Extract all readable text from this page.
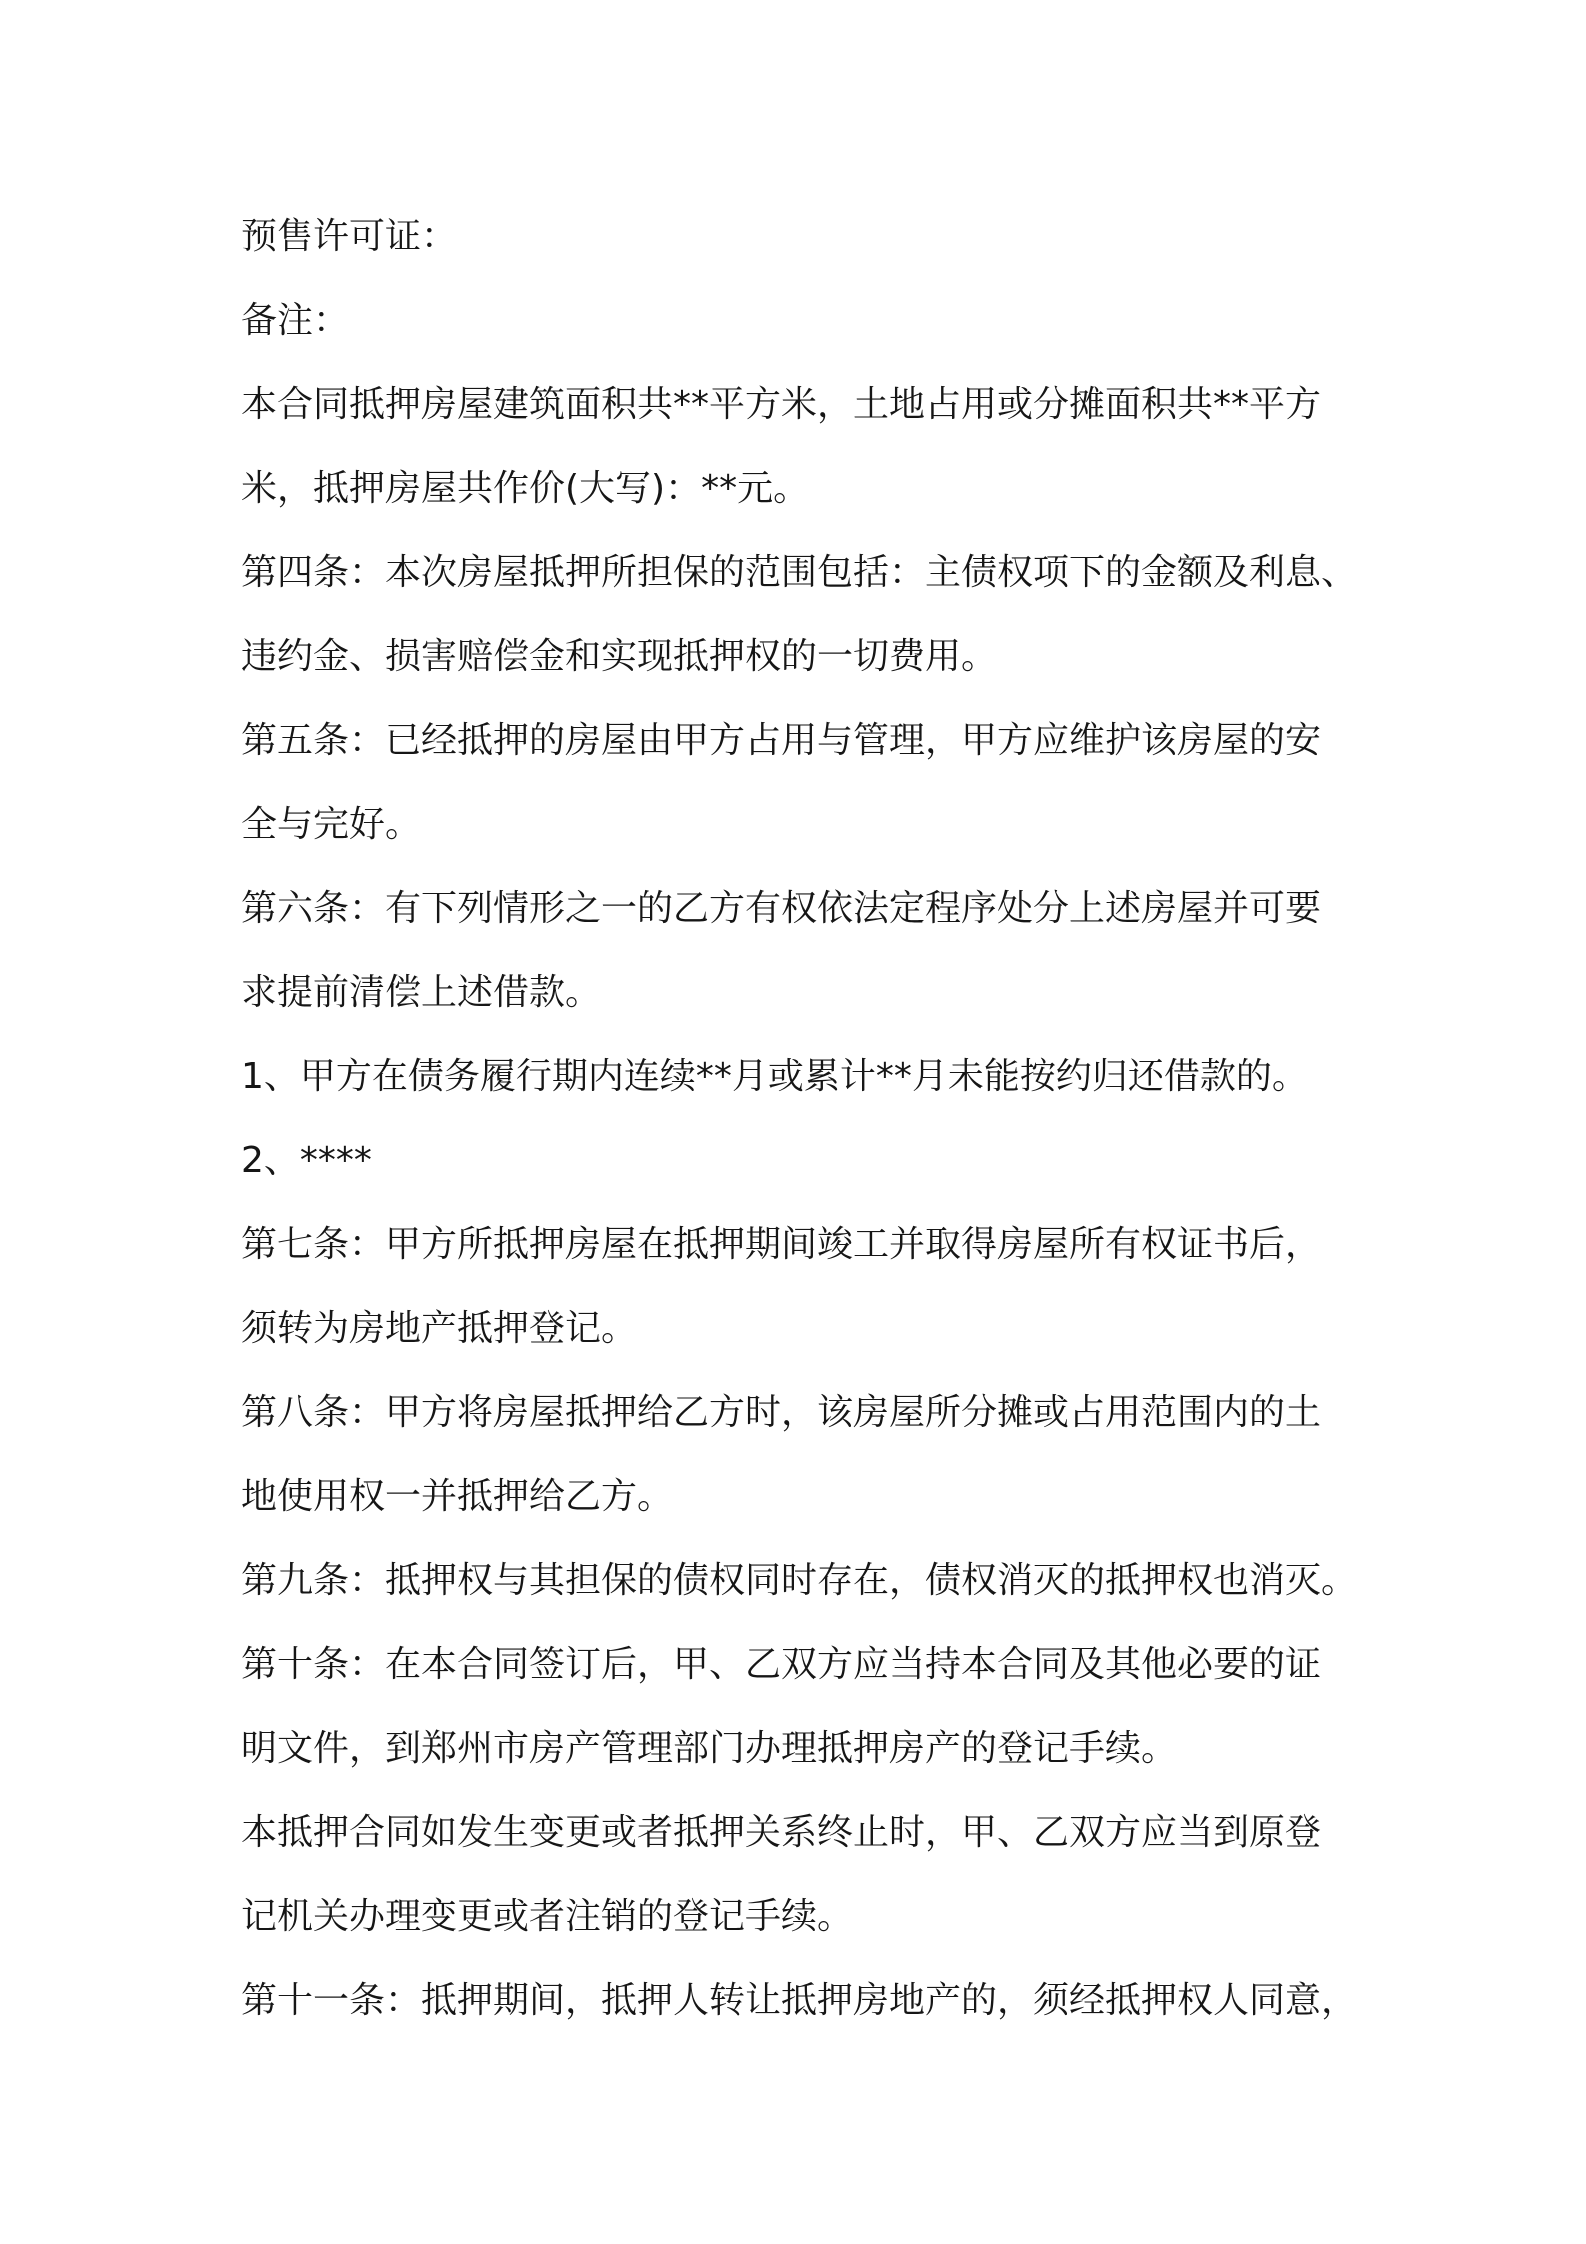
预售许可证：

备注：

本合同抵押房屋建筑面积共**平方米，土地占用或分摊面积共**平方

米，抵押房屋共作价(大写)：**元。

第四条：本次房屋抵押所担保的范围包括：主债权项下的金额及利息、

违约金、损害赔偿金和实现抵押权的一切费用。

第五条：已经抵押的房屋由甲方占用与管理，甲方应维护该房屋的安

全与完好。

第六条：有下列情形之一的乙方有权依法定程序处分上述房屋并可要

求提前清偿上述借款。

1、甲方在债务履行期内连续**月或累计**月未能按约归还借款的。

2、****

第七条：甲方所抵押房屋在抵押期间竣工并取得房屋所有权证书后，

须转为房地产抵押登记。

第八条：甲方将房屋抵押给乙方时，该房屋所分摊或占用范围内的土

地使用权一并抵押给乙方。

第九条：抵押权与其担保的债权同时存在，债权消灭的抵押权也消灭。

第十条：在本合同签订后，甲、乙双方应当持本合同及其他必要的证

明文件，到郑州市房产管理部门办理抵押房产的登记手续。

本抵押合同如发生变更或者抵押关系终止时，甲、乙双方应当到原登

记机关办理变更或者注销的登记手续。

第十一条：抵押期间，抵押人转让抵押房地产的，须经抵押权人同意，
